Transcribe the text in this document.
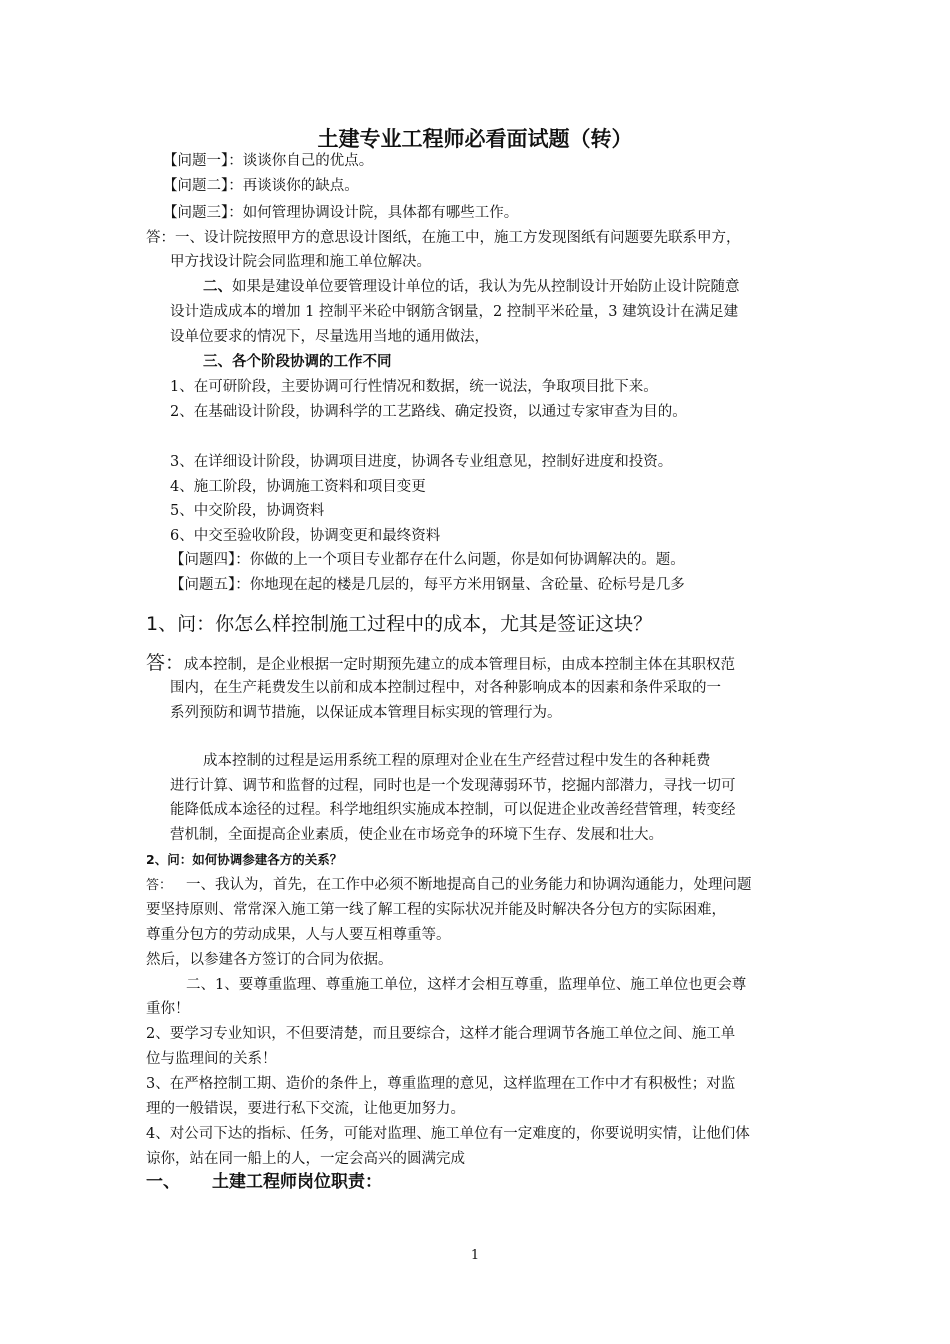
土建专业工程师必看面试题（转）
【问题一】：谈谈你自己的优点。
【问题二】：再谈谈你的缺点。
【问题三】：如何管理协调设计院，具体都有哪些工作。
答：一、设计院按照甲方的意思设计图纸，在施工中，施工方发现图纸有问题要先联系甲方，
甲方找设计院会同监理和施工单位解决。
二、如果是建设单位要管理设计单位的话，我认为先从控制设计开始防止设计院随意
设计造成成本的增加 1 控制平米砼中钢筋含钢量，2 控制平米砼量，3 建筑设计在满足建
设单位要求的情况下，尽量选用当地的通用做法，
三、各个阶段协调的工作不同
1、在可研阶段，主要协调可行性情况和数据，统一说法，争取项目批下来。
2、在基础设计阶段，协调科学的工艺路线、确定投资，以通过专家审查为目的。
3、在详细设计阶段，协调项目进度，协调各专业组意见，控制好进度和投资。
4、施工阶段，协调施工资料和项目变更
5、中交阶段，协调资料
6、中交至验收阶段，协调变更和最终资料
【问题四】：你做的上一个项目专业都存在什么问题，你是如何协调解决的。题。
【问题五】：你地现在起的楼是几层的，每平方米用钢量、含砼量、砼标号是几多
1、问：你怎么样控制施工过程中的成本，尤其是签证这块？
答：成本控制，是企业根据一定时期预先建立的成本管理目标，由成本控制主体在其职权范
围内，在生产耗费发生以前和成本控制过程中，对各种影响成本的因素和条件采取的一
系列预防和调节措施，以保证成本管理目标实现的管理行为。
成本控制的过程是运用系统工程的原理对企业在生产经营过程中发生的各种耗费
进行计算、调节和监督的过程，同时也是一个发现薄弱环节，挖掘内部潜力，寻找一切可
能降低成本途径的过程。科学地组织实施成本控制，可以促进企业改善经营管理，转变经
营机制，全面提高企业素质，使企业在市场竞争的环境下生存、发展和壮大。
2、问：如何协调参建各方的关系？
答： 一、我认为，首先，在工作中必须不断地提高自己的业务能力和协调沟通能力，处理问题
要坚持原则、常常深入施工第一线了解工程的实际状况并能及时解决各分包方的实际困难，
尊重分包方的劳动成果，人与人要互相尊重等。
然后，以参建各方签订的合同为依据。
二、1、要尊重监理、尊重施工单位，这样才会相互尊重，监理单位、施工单位也更会尊
重你！
2、要学习专业知识，不但要清楚，而且要综合，这样才能合理调节各施工单位之间、施工单
位与监理间的关系！
3、在严格控制工期、造价的条件上，尊重监理的意见，这样监理在工作中才有积极性；对监
理的一般错误，要进行私下交流，让他更加努力。
4、对公司下达的指标、任务，可能对监理、施工单位有一定难度的，你要说明实情，让他们体
谅你，站在同一船上的人，一定会高兴的圆满完成
一、 土建工程师岗位职责：
1
